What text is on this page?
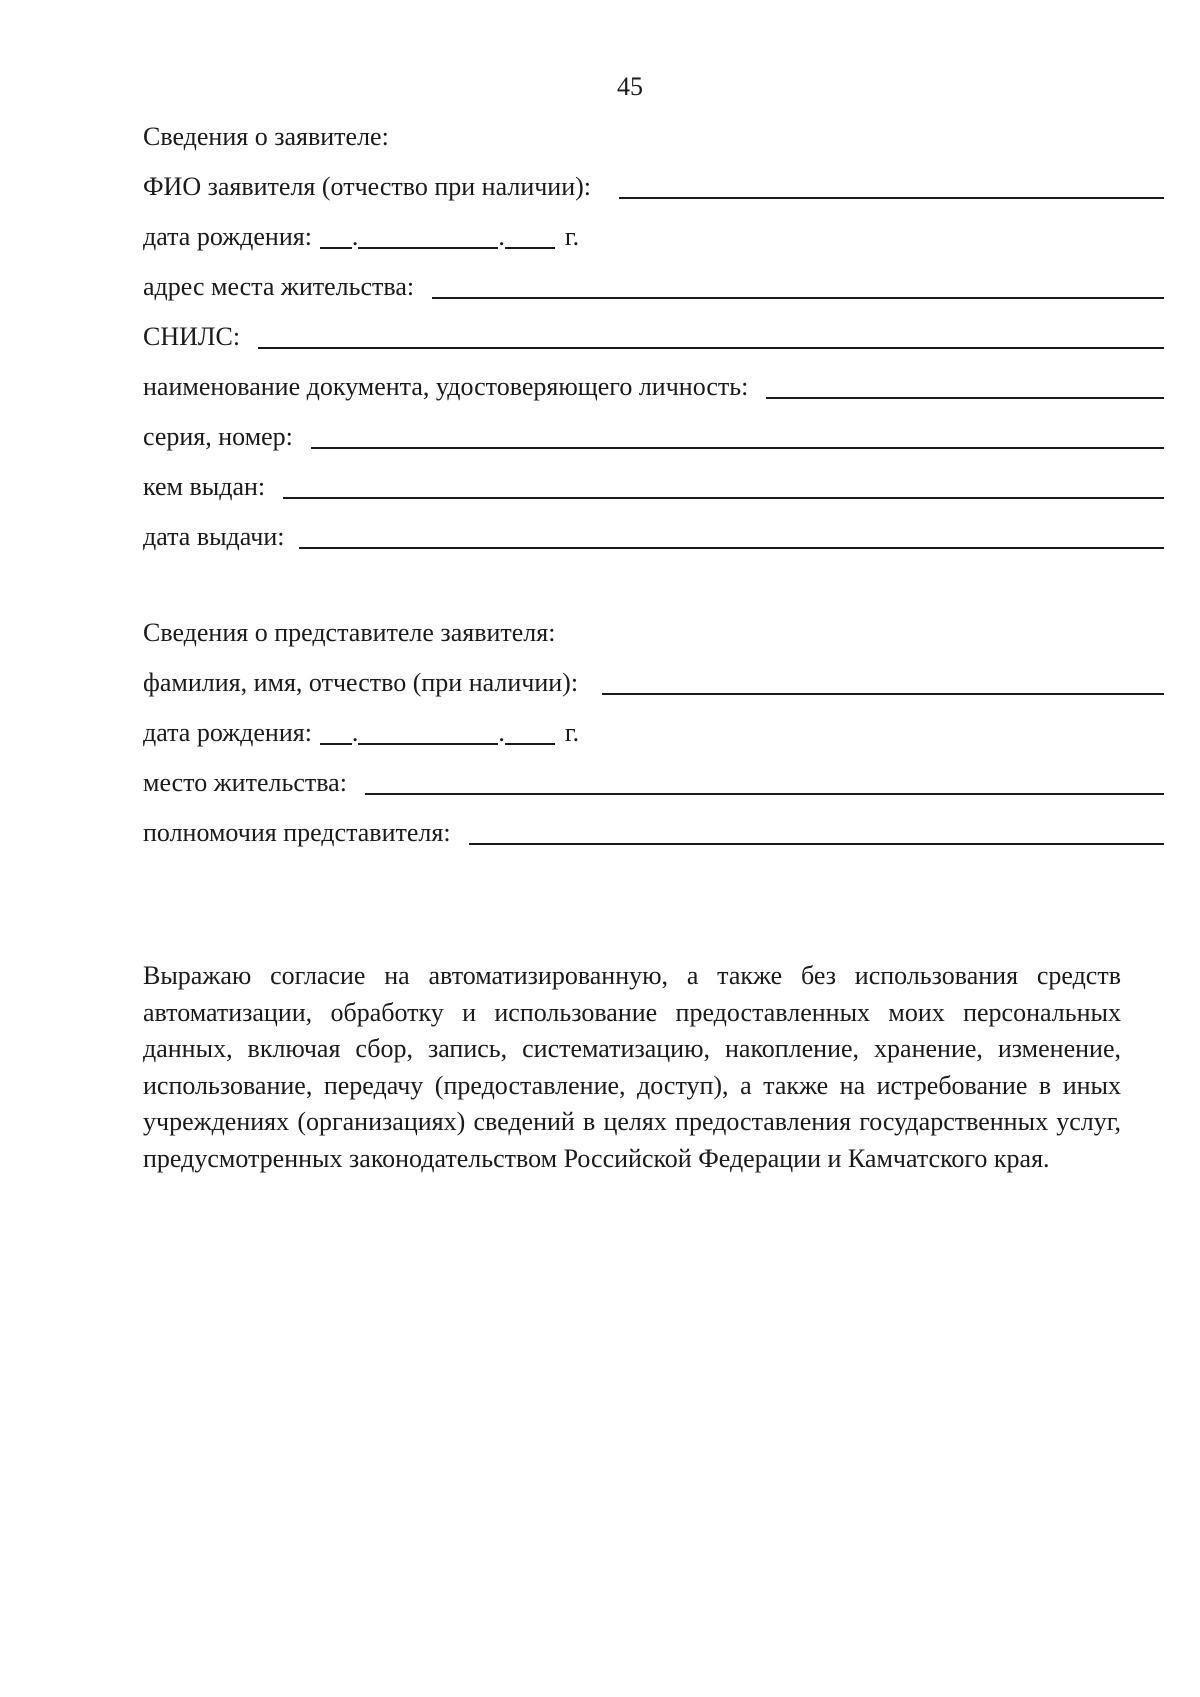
45
Сведения о заявителе:
ФИО заявителя (отчество при наличии):
дата рождения: .	. г.
адрес места жительства:
СНИЛС:
наименование документа, удостоверяющего личность:
серия, номер:
кем выдан:
дата выдачи:
Сведения о представителе заявителя:
фамилия, имя, отчество (при наличии):
дата рождения: .	. г.
место жительства:
полномочия представителя:

Выражаю согласие на автоматизированную, а также без использования средств автоматизации, обработку и использование предоставленных моих персональных данных, включая сбор, запись, систематизацию, накопление, хранение, изменение, использование, передачу (предоставление, доступ), а также на истребование в иных учреждениях (организациях) сведений в целях предоставления государственных услуг, предусмотренных законодательством Российской Федерации и Камчатского края.
